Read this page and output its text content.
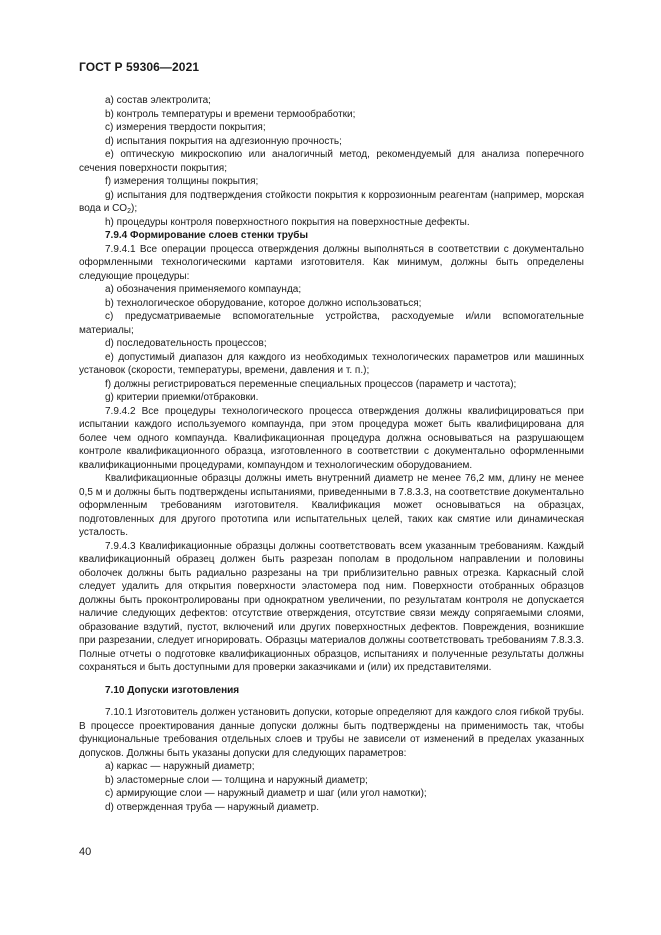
ГОСТ Р 59306—2021

a) состав электролита;

b) контроль температуры и времени термообработки;

c) измерения твердости покрытия;

d) испытания покрытия на адгезионную прочность;

e) оптическую микроскопию или аналогичный метод, рекомендуемый для анализа поперечного сечения поверхности покрытия;

f) измерения толщины покрытия;

g) испытания для подтверждения стойкости покрытия к коррозионным реагентам (например, морская вода и $CO_2$);

h) процедуры контроля поверхностного покрытия на поверхностные дефекты.

7.9.4 Формирование слоев стенки трубы

7.9.4.1 Все операции процесса отверждения должны выполняться в соответствии с документально оформленными технологическими картами изготовителя. Как минимум, должны быть определены следующие процедуры:

a) обозначения применяемого компаунда;

b) технологическое оборудование, которое должно использоваться;

c) предусматриваемые вспомогательные устройства, расходуемые и/или вспомогательные материалы;

d) последовательность процессов;

e) допустимый диапазон для каждого из необходимых технологических параметров или машинных установок (скорости, температуры, времени, давления и т. п.);

f) должны регистрироваться переменные специальных процессов (параметр и частота);

g) критерии приемки/отбраковки.

7.9.4.2 Все процедуры технологического процесса отверждения должны квалифицироваться при испытании каждого используемого компаунда, при этом процедура может быть квалифицирована для более чем одного компаунда. Квалификационная процедура должна основываться на разрушающем контроле квалификационного образца, изготовленного в соответствии с документально оформленными квалификационными процедурами, компаундом и технологическим оборудованием.

Квалификационные образцы должны иметь внутренний диаметр не менее 76,2 мм, длину не менее 0,5 м и должны быть подтверждены испытаниями, приведенными в 7.8.3.3, на соответствие документально оформленным требованиям изготовителя. Квалификация может основываться на образцах, подготовленных для другого прототипа или испытательных целей, таких как смятие или динамическая усталость.

7.9.4.3 Квалификационные образцы должны соответствовать всем указанным требованиям. Каждый квалификационный образец должен быть разрезан пополам в продольном направлении и половины оболочек должны быть радиально разрезаны на три приблизительно равных отрезка. Каркасный слой следует удалить для открытия поверхности эластомера под ним. Поверхности отобранных образцов должны быть проконтролированы при однократном увеличении, по результатам контроля не допускается наличие следующих дефектов: отсутствие отверждения, отсутствие связи между сопрягаемыми слоями, образование вздутий, пустот, включений или других поверхностных дефектов. Повреждения, возникшие при разрезании, следует игнорировать. Образцы материалов должны соответствовать требованиям 7.8.3.3. Полные отчеты о подготовке квалификационных образцов, испытаниях и полученные результаты должны сохраняться и быть доступными для проверки заказчиками и (или) их представителями.

7.10 Допуски изготовления

7.10.1 Изготовитель должен установить допуски, которые определяют для каждого слоя гибкой трубы. В процессе проектирования данные допуски должны быть подтверждены на применимость так, чтобы функциональные требования отдельных слоев и трубы не зависели от изменений в пределах указанных допусков. Должны быть указаны допуски для следующих параметров:

a) каркас — наружный диаметр;

b) эластомерные слои — толщина и наружный диаметр;

c) армирующие слои — наружный диаметр и шаг (или угол намотки);

d) отвержденная труба — наружный диаметр.

40
